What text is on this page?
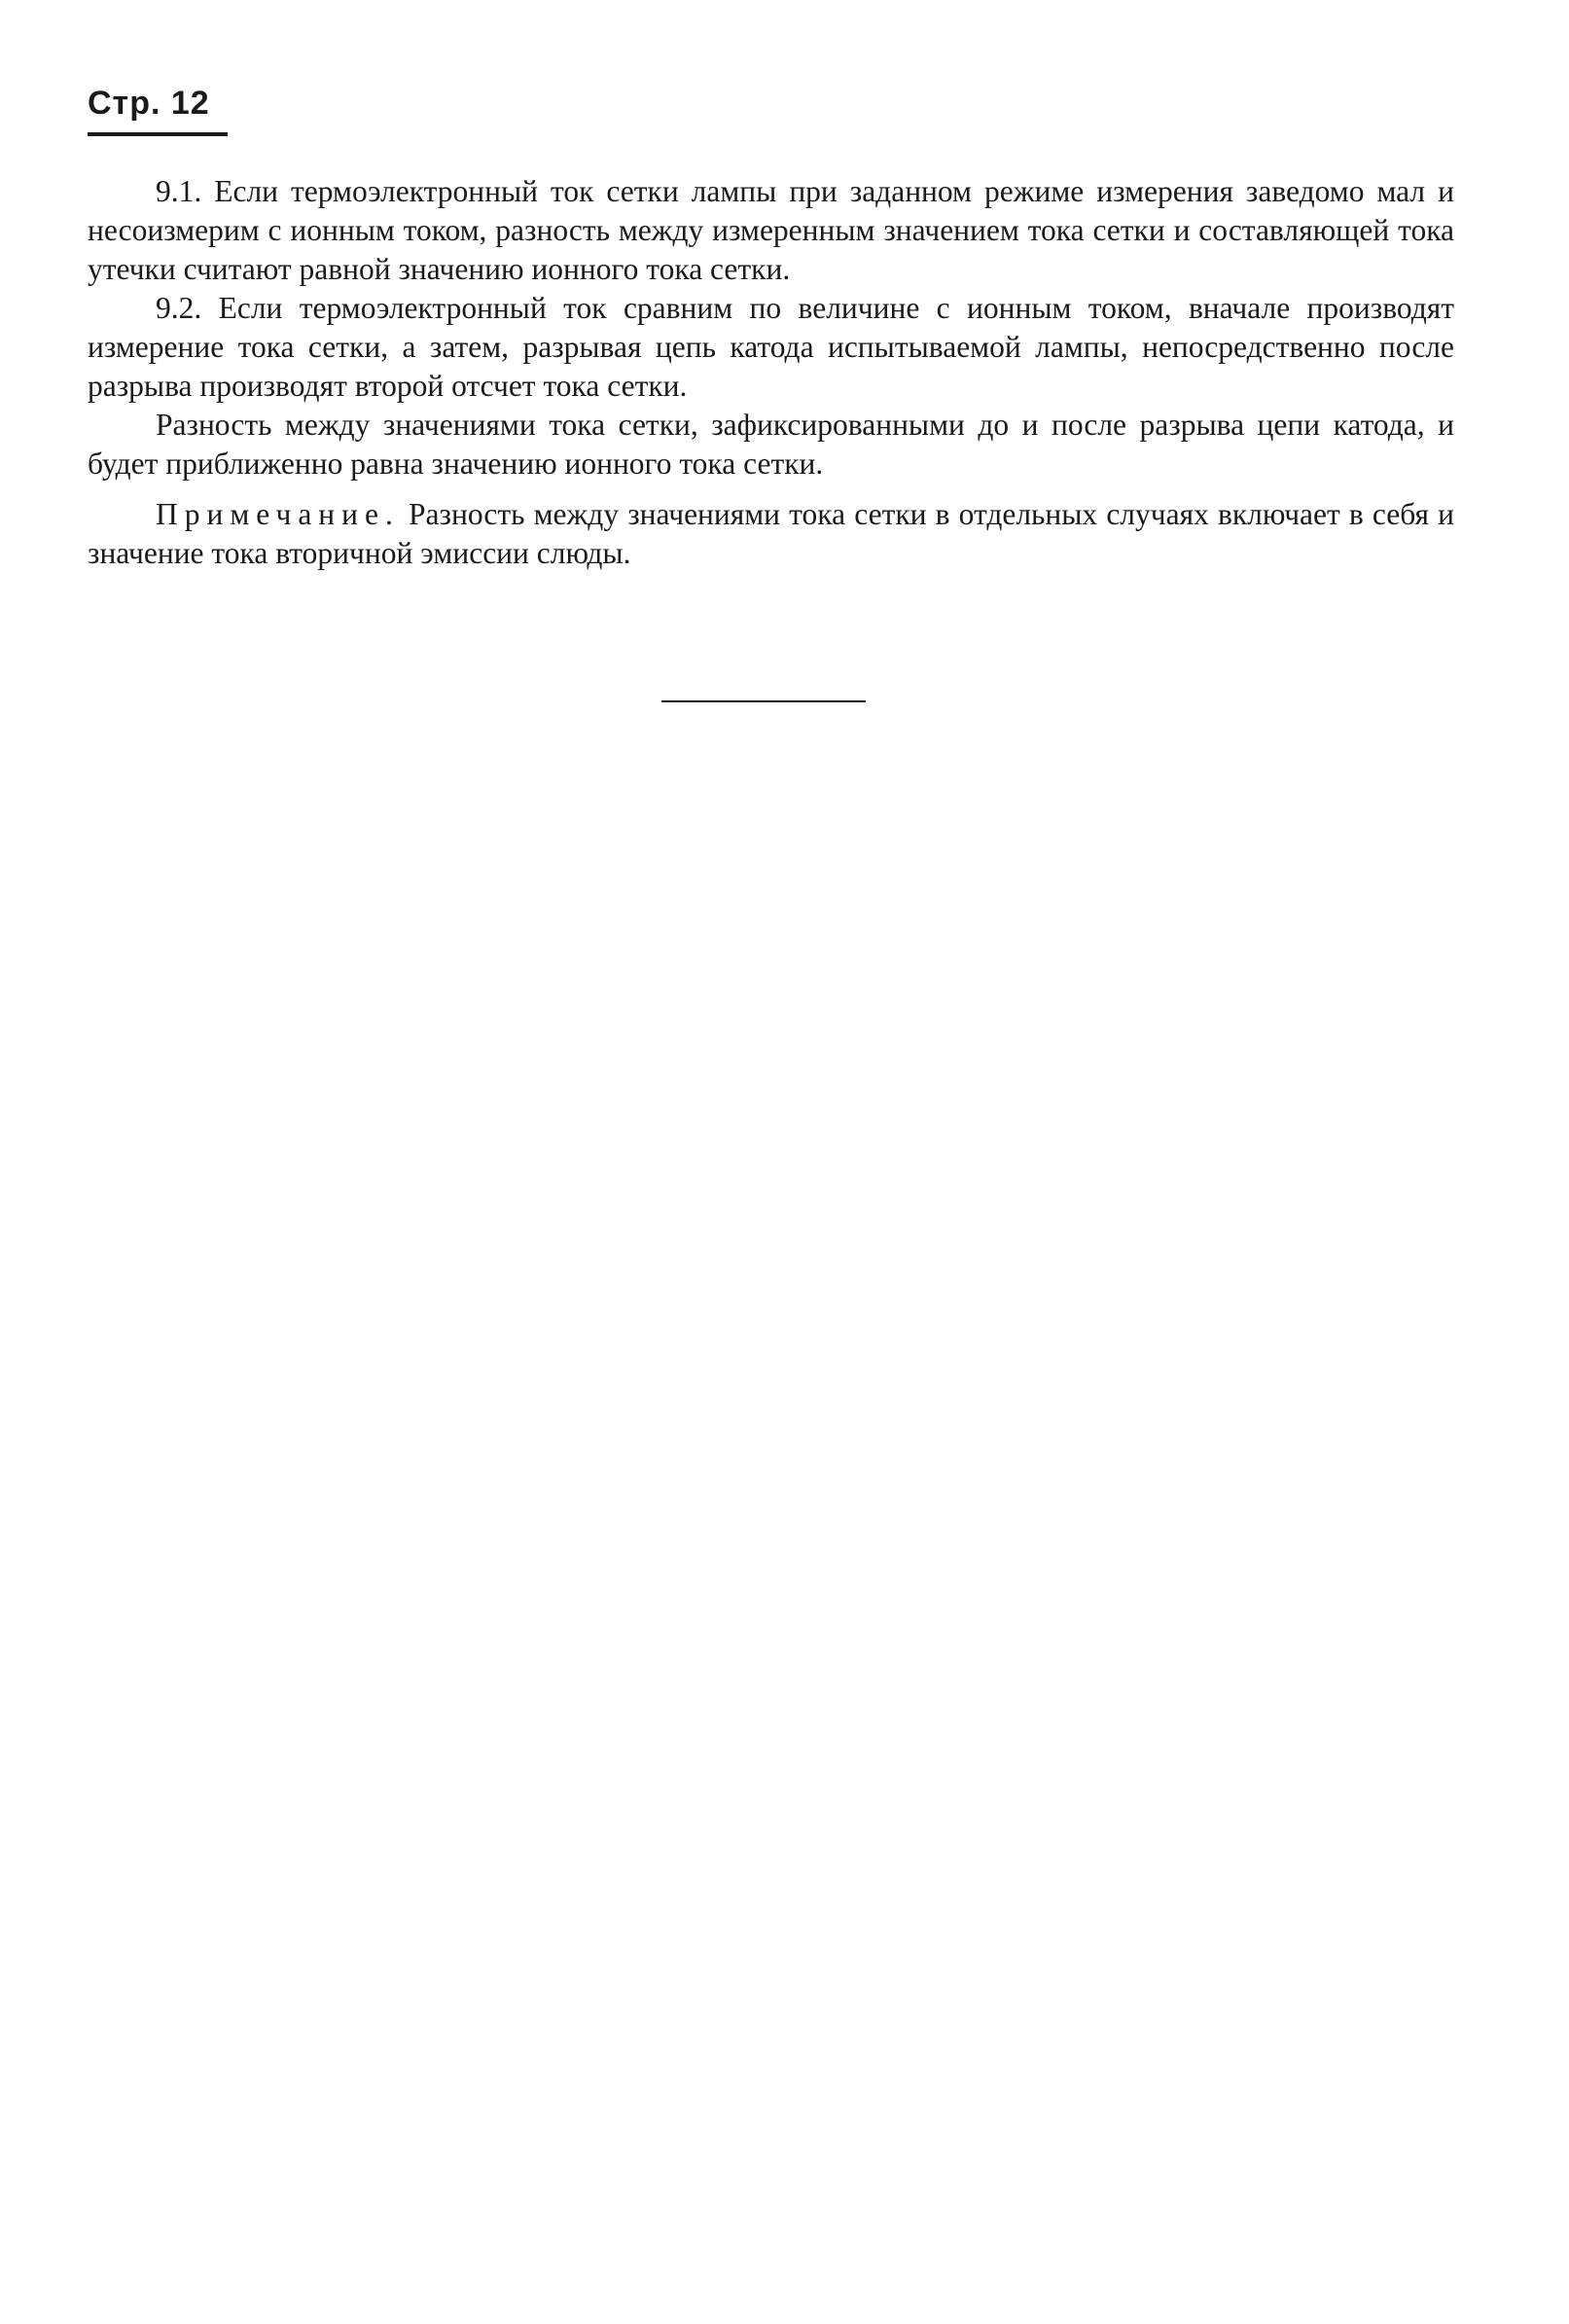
Стр. 12

9.1. Если термоэлектронный ток сетки лампы при заданном режиме измерения заведомо мал и несоизмерим с ионным током, разность между измеренным значением тока сетки и составляющей тока утечки считают равной значению ионного тока сетки.

9.2. Если термоэлектронный ток сравним по величине с ионным током, вначале производят измерение тока сетки, а затем, разрывая цепь катода испытываемой лампы, непосредственно после разрыва производят второй отсчет тока сетки.

Разность между значениями тока сетки, зафиксированными до и после разрыва цепи катода, и будет приближенно равна значению ионного тока сетки.

Примечание. Разность между значениями тока сетки в отдельных случаях включает в себя и значение тока вторичной эмиссии слюды.
